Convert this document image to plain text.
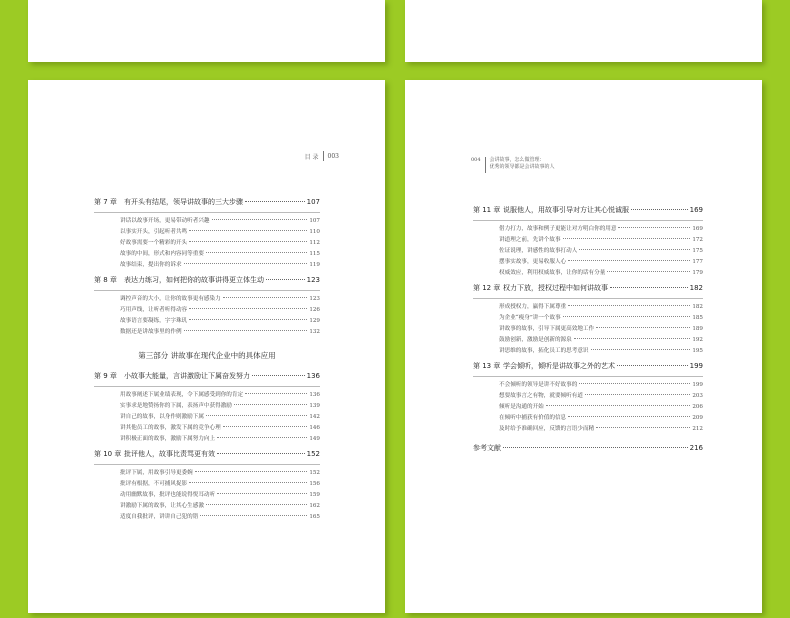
目 录 003
第 7 章	有开头有结尾，领导讲故事的三大步骤	107
讲话以故事开场，更易带动听者兴趣	107
以事实开头，引起听者共鸣	110
好故事需要一个精彩的开头	112
故事的中间，形式和内容同等重要	115
故事结束，提出你的诉求	119
第 8 章	表达力练习，如何把你的故事讲得更立体生动	123
调控声音的大小，让你的故事更有感染力	123
巧用声线，让听者听得动容	126
故事语言要凝练，字字珠玑	129
数据还是讲故事里的作例	132
第三部分 讲故事在现代企业中的具体应用
第 9 章	小故事大能量，言讲激励让下属奋发努力	136
用故事阐述下属业绩表现，令下属感受到你的肯定	136
实事求是地赞扬你的下属，表扬声中获得激励	139
讲自己的故事，以身作则激励下属	142
讲其他员工的故事，激发下属的竞争心理	146
讲积极正面的故事，激励下属努力向上	149
第 10 章 批评他人，故事比责骂更有效	152
批评下属，用故事引导更委婉	152
批评有根据，不可捕风捉影	156
动用幽默故事，批评也能说得悦耳动听	159
讲激励下属的故事，让其心生感激	162
适度自我批评，讲讲自己犯的错	165
004 会讲故事，怎么做管理：
优秀的领导都是会讲故事的人
第 11 章 说服他人，用故事引导对方让其心悦诚服	169
借力打力，故事和例子更能让对方明白你的用意	169
讲道理之前，先讲个故事	172
佐证说理，讲感性的故事打动人	175
摆事实故事，更易收服人心	177
权威效应，利用权威故事，让你的话有分量	179
第 12 章 权力下放，授权过程中如何讲故事	182
形成授权力，赢得下属尊重	182
为企业“瘦身”讲一个故事	185
讲故事的故事，引导下属更高效地工作	189
鼓励创新，激励是创新的源泉	192
讲思维的故事，拓化员工的思考意识	195
第 13 章 学会倾听，倾听是讲故事之外的艺术	199
不会倾听的领导是讲不好故事的	199
想要故事言之有物，就要倾听有道	203
倾听是沟通的开始	206
在倾听中捕获有价值的信息	209
及时给予准确回应，反馈的言语少而精	212
参考文献	216
